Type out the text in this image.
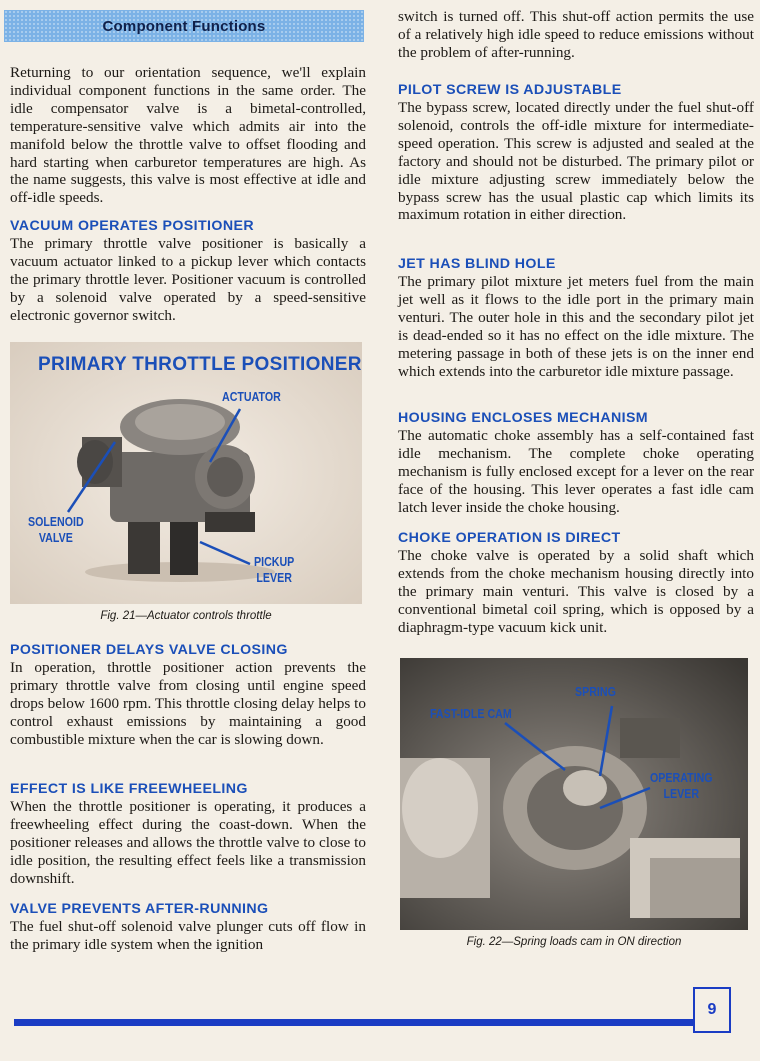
Component Functions

Returning to our orientation sequence, we'll explain individual component functions in the same order. The idle compensator valve is a bimetal-controlled, temperature-sensitive valve which admits air into the manifold below the throttle valve to offset flooding and hard starting when carburetor temperatures are high. As the name suggests, this valve is most effective at idle and off-idle speeds.

VACUUM OPERATES POSITIONER

The primary throttle valve positioner is basically a vacuum actuator linked to a pickup lever which contacts the primary throttle lever. Positioner vacuum is controlled by a solenoid valve operated by a speed-sensitive electronic governor switch.

PRIMARY THROTTLE POSITIONER
ACTUATOR
SOLENOID
VALVE
PICKUP
LEVER
Fig. 21—Actuator controls throttle
POSITIONER DELAYS VALVE CLOSING

In operation, throttle positioner action prevents the primary throttle valve from closing until engine speed drops below 1600 rpm. This throttle closing delay helps to control exhaust emissions by maintaining a good combustible mixture when the car is slowing down.

EFFECT IS LIKE FREEWHEELING

When the throttle positioner is operating, it produces a freewheeling effect during the coast-down. When the positioner releases and allows the throttle valve to close to idle position, the resulting effect feels like a transmission downshift.

VALVE PREVENTS AFTER-RUNNING

The fuel shut-off solenoid valve plunger cuts off flow in the primary idle system when the ignition

switch is turned off. This shut-off action permits the use of a relatively high idle speed to reduce emissions without the problem of after-running.

PILOT SCREW IS ADJUSTABLE

The bypass screw, located directly under the fuel shut-off solenoid, controls the off-idle mixture for intermediate-speed operation. This screw is adjusted and sealed at the factory and should not be disturbed. The primary pilot or idle mixture adjusting screw immediately below the bypass screw has the usual plastic cap which limits its maximum rotation in either direction.

JET HAS BLIND HOLE

The primary pilot mixture jet meters fuel from the main jet well as it flows to the idle port in the primary main venturi. The outer hole in this and the secondary pilot jet is dead-ended so it has no effect on the idle mixture. The metering passage in both of these jets is on the inner end which extends into the carburetor idle mixture passage.

HOUSING ENCLOSES MECHANISM

The automatic choke assembly has a self-contained fast idle mechanism. The complete choke operating mechanism is fully enclosed except for a lever on the rear face of the housing. This lever operates a fast idle cam latch lever inside the choke housing.

CHOKE OPERATION IS DIRECT

The choke valve is operated by a solid shaft which extends from the choke mechanism housing directly into the primary main venturi. This valve is closed by a conventional bimetal coil spring, which is opposed by a diaphragm-type vacuum kick unit.

SPRING
FAST-IDLE CAM
OPERATING
LEVER
Fig. 22—Spring loads cam in ON direction
9
